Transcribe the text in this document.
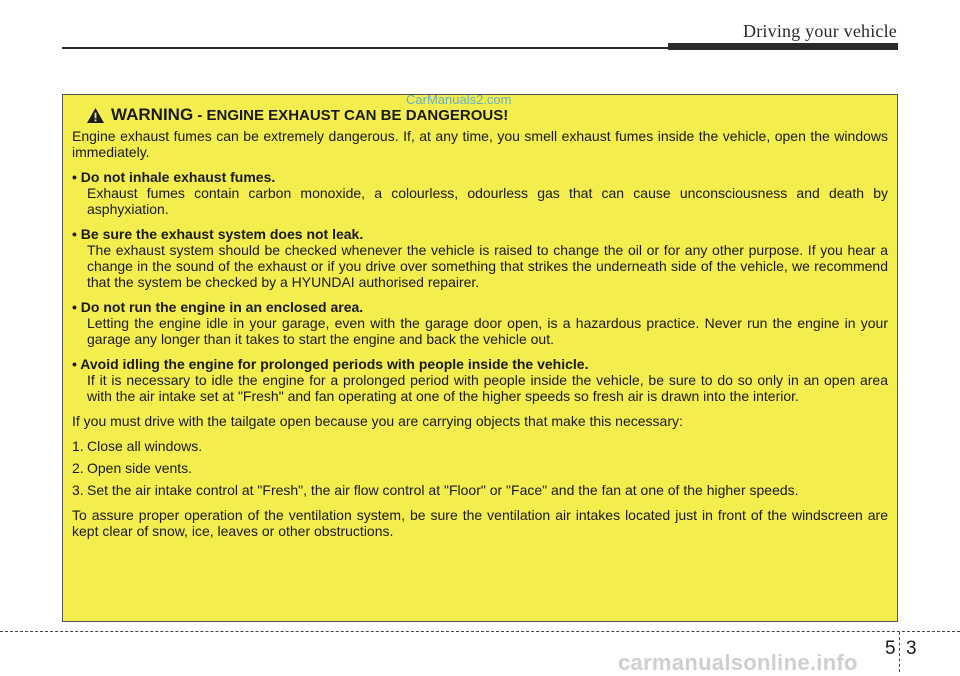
Driving your vehicle
WARNING - ENGINE EXHAUST CAN BE DANGEROUS!

Engine exhaust fumes can be extremely dangerous. If, at any time, you smell exhaust fumes inside the vehicle, open the windows immediately.

• Do not inhale exhaust fumes.

Exhaust fumes contain carbon monoxide, a colourless, odourless gas that can cause unconsciousness and death by asphyxiation.

• Be sure the exhaust system does not leak.

The exhaust system should be checked whenever the vehicle is raised to change the oil or for any other purpose. If you hear a change in the sound of the exhaust or if you drive over something that strikes the underneath side of the vehicle, we recommend that the system be checked by a HYUNDAI authorised repairer.

• Do not run the engine in an enclosed area.

Letting the engine idle in your garage, even with the garage door open, is a hazardous practice. Never run the engine in your garage any longer than it takes to start the engine and back the vehicle out.

• Avoid idling the engine for prolonged periods with people inside the vehicle.

If it is necessary to idle the engine for a prolonged period with people inside the vehicle, be sure to do so only in an open area with the air intake set at "Fresh" and fan operating at one of the higher speeds so fresh air is drawn into the interior.

If you must drive with the tailgate open because you are carrying objects that make this necessary:

1. Close all windows.
2. Open side vents.
3. Set the air intake control at "Fresh", the air flow control at "Floor" or "Face" and the fan at one of the higher speeds.

To assure proper operation of the ventilation system, be sure the ventilation air intakes located just in front of the windscreen are kept clear of snow, ice, leaves or other obstructions.

CarManuals2.com
5 3
carmanualsonline.info
